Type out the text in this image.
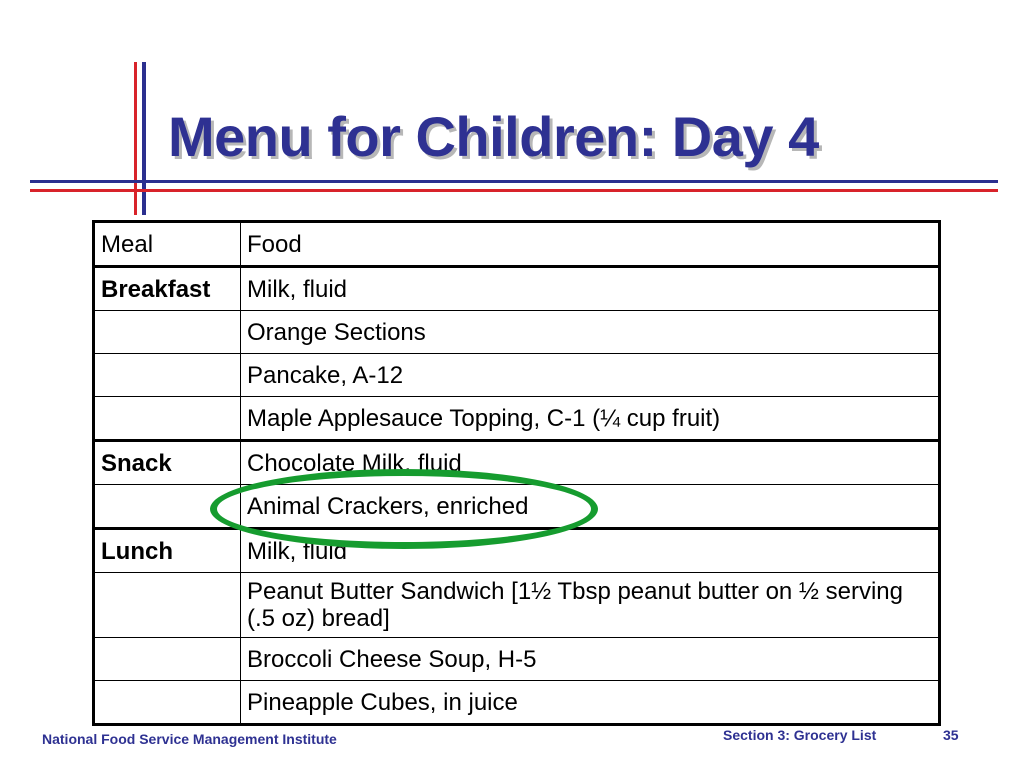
Menu for Children: Day 4
Meal	Food
Breakfast	Milk, fluid
	Orange Sections
	Pancake, A-12
	Maple Applesauce Topping, C-1 (¼ cup fruit)
Snack	Chocolate Milk, fluid
	Animal Crackers, enriched
Lunch	Milk, fluid
	Peanut Butter Sandwich [1½ Tbsp peanut butter on ½ serving (.5 oz) bread]
	Broccoli Cheese Soup, H-5
	Pineapple Cubes, in juice
National Food Service Management Institute	Section 3: Grocery List	35
